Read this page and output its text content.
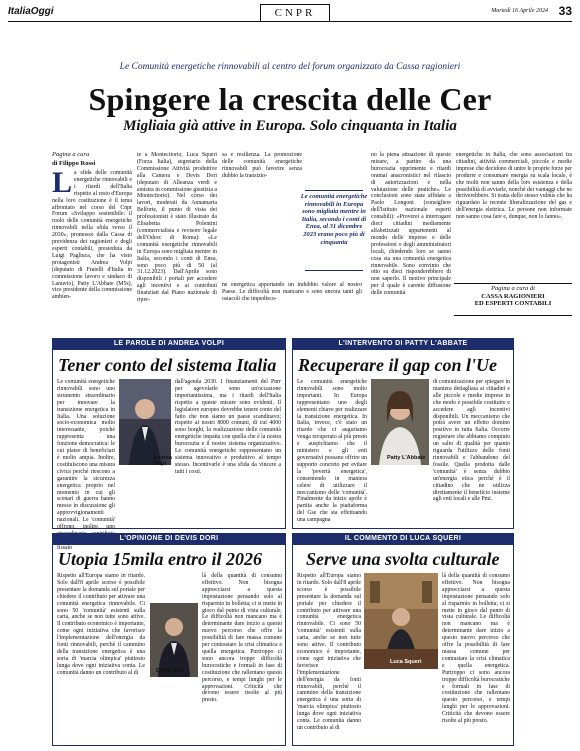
ItaliaOggi	CNPR	Martedì 16 Aprile 2024 33
Le Comunità energetiche rinnovabili al centro del forum organizzato da Cassa ragionieri
Spingere la crescita delle Cer
Migliaia già attive in Europa. Solo cinquanta in Italia
Pagina a cura
di Filippo Rossi
La sfida delle comunità energetiche rinnovabili e i ritardi dell'Italia rispetto al resto d'Europa nella loro costituzione è il tema affrontato nel corso del Cnpr Forum «Sviluppo sostenibile: il ruolo delle comunità energetiche rinnovabili nella sfida verso il 2030», promosso dalla Cassa di previdenza dei ragionieri e degli esperti contabili, presieduta da Luigi Pagliuca, che ha visto protagonisti Andrea Volpi (deputato di Fratelli d'Italia in commissione lavoro e sindaco di Lanuvio), Patty L'Abbate (M5s), vice presidente della commissione ambien-
te a Montecitorio, Luca Squeri (Forza Italia), segretario della Commissione Attività produttive alla Camera e Devis Dori (deputato di Alleanza verdi e sinistra in commissione giustizia a Montecitorio). Nel corso dei lavori, moderati da Annamaria Belforte, il punto di vista dei professionisti è stato illustrato da Elisabetta Polentini (commercialista e revisore legale dell'Odcec di Roma): «Le comunità energetiche rinnovabili in Europa sono migliaia mentre in Italia, secondo i conti di Enea, sono poco più di 50 (al 31.12.2023). Dall'Aprile sono disponibili i portali per accedere agli incentivi e ai contributi finanziati dal Piano nazionale di ripre-
sa e resilienza. La promozione delle comunità energetiche rinnovabili può favorire senza dubbio la transizio-
Le comunità energetiche rinnovabili in Europa sono migliaia mentre in Italia, secondo i conti di Enea, al 31 dicembre 2023 erano poco più di cinquanta
ne energetica apportando un indubbio valore al nostro Paese. Le difficoltà non mancano e sono ancora tanti gli ostacoli che impedisco-
no la piena attuazione di queste misure, a partire da una burocrazia opprimente e ritardi oramai anacronistici nel rilascio di autorizzazioni e nella valutazione delle pratiche». Le conclusioni sono state affidate a Paolo Longoni (consigliere dell'Istituto nazionale esperti contabili): «Proverei a interrogare dieci cittadini mediamente alfabetizzati appartenenti al mondo delle imprese o delle professioni o degli amministratori locali, chiedendo loro se sanno cosa sia una comunità energetica rinnovabile. Sono convinto che otto su dieci risponderebbero di non saperlo. Il motivo principale per il quale è carente diffusione delle comunità
energetiche in Italia, che sono associazioni tra cittadini, attività commerciali, piccole e medie imprese che decidono di unire le proprie forze per produrre e consumare energia su scala locale, è che molti non sanno della loro esistenza e della possibilità di avviarle, nonché dei vantaggi che ne deriverebbero. Si tratta dello stesso vulnus che ha riguardato la recente liberalizzazione del gas e dell'energia elettrica. Le persone non informate non sanno cosa fare e, dunque, non lo fanno».
Pagina a cura di
CASSA RAGIONIERI
ED ESPERTI CONTABILI
LE PAROLE DI ANDREA VOLPI
Tener conto del sistema Italia
Le comunità energetiche rinnovabili sono uno strumento straordinario per innovare la transizione energetica in Italia. Una soluzione socio-economica molto interessante, poiché rappresenta una funzione democratica: le cui platee di beneficiari è molto ampia. Inoltre, costituiscono una misura civica perché riescono a garantire la sicurezza energetica proprio nel momento in cui gli scenari di guerra hanno messo in discussione gli approvvigionamenti nazionali. Le 'comunità' offrono, inoltre, uno fissato
Andrea Volpi
dall'agenda 2030. I finanziamenti del Pnrr per agevolarle sono un'occasione importantissima, ma i ritardi dell'Italia rispetto a queste misure sono evidenti. Il legislatore europeo dovrebbe tenere conto del fatto che non siamo un paese scandinavo; rispetto ai nostri 8000 comuni, di cui 4000 sono borghi, la realizzazione delle comunità energetiche impatta con quella che è la nostra burocrazia e il nostro sistema organizzativo. Le comunità energetiche rappresentano un sistema innovativo e produttivo al tempo stesso. Incentivarle è una sfida da vincere a tutti i costi.
L'INTERVENTO DI PATTY L'ABBATE
Recuperare il gap con l'Ue
Le comunità energetiche rinnovabili sono molto importanti. In Europa rappresentano uno degli elementi chiave per realizzare la transizione energetica. In Italia, invece, c'è stato un ritardo che ci auguriamo venga recuperato al più presto e auspichiamo che il ministero e gli enti governativi possano offrire un supporto concreto per evitare la 'povertà energetica', consentendo in maniera celere di utilizzare il meccanismo delle 'comunità'. Finalmente da inizio aprile è partita anche la piattaforma del Gse che sta effettuando una campagna
Patty L'Abbate
di comunicazione per spiegare in maniera dettagliata ai cittadini e alle piccole e medie imprese in che modo è possibile costituire e accedere agli incentivi disponibili. Un meccanismo che potrà avere un effetto domino positivo in tutta Italia. Occorre registrare che abbiamo compiuto un salto di qualità per quanto riguarda l'utilizzo delle fonti rinnovabili e l'abbandono del fossile. Quella prodotta dalle 'comunità' è senza dubbio un'energia etica perché è il cittadino che ne utilizza direttamente il beneficio insieme agli enti locali e alle Pmi.
L'OPINIONE DI DEVIS DORI
Utopia 15mila entro il 2026
Rispetto all'Europa siamo in ritardo. Solo dall'8 aprile scorso è possibile presentare la domanda sul portale per chiedere il contributo per attivare una comunità energetica rinnovabile. Ci sono 50 'comunità' esistenti sulla carta, anche se non tutte sono attive. Il contributo economico è importante, come ogni iniziativa che favorisce l'implementazione dell'energia da fonti rinnovabili, perché il cammino della transizione energetica è una sorta di 'marcia olimpica' piuttosto lunga dove ogni iniziativa conta. Le comunità danno un contributo al di	Devis Dori
là della quantità di consumo effettivo. Non bisogna approcciarsi a questa impostazione pensando solo al risparmio in bolletta; ci si mette in gioco dal punto di vista culturale. Le difficoltà non mancano ma è determinante dare inizio a questo nuovo percorso che offre la possibilità di fare massa comune per contrastare la crisi climatica e quella energetica. Purtroppo ci sono ancora troppe difficoltà burocratiche e formali in fase di costituzione che rallentano questo percorso, e tempi lunghi per le approvazioni. Criticità che devono essere risolte al più presto.
IL COMMENTO DI LUCA SQUERI
Serve una svolta culturale
Rispetto all'Europa siamo in ritardo. Solo dall'8 aprile scorso è possibile presentare la domanda sul portale per chiedere il contributo per attivare una comunità energetica rinnovabile. Ci sono 50 'comunità' esistenti sulla carta, anche se non tutte sono attive. Il contributo economico è importante, come ogni iniziativa che favorisce l'implementazione dell'energia da fonti rinnovabili, perché il cammino della transizione energetica è una sorta di 'marcia olimpica' piuttosto lunga dove ogni iniziativa conta. Le comunità danno un contributo al di
Luca Squeri
là della quantità di consumo effettivo. Non bisogna approcciarsi a questa impostazione pensando solo al risparmio in bolletta; ci si mette in gioco dal punto di vista culturale. Le difficoltà non mancano ma è determinante dare inizio a questo nuovo percorso che offre la possibilità di fare massa comune per contrastare la crisi climatica e quella energetica. Purtroppo ci sono ancora troppe difficoltà burocratiche e formali in fase di costituzione che rallentano questo percorso, e tempi lunghi per le approvazioni. Criticità che devono essere risolte al più presto.
